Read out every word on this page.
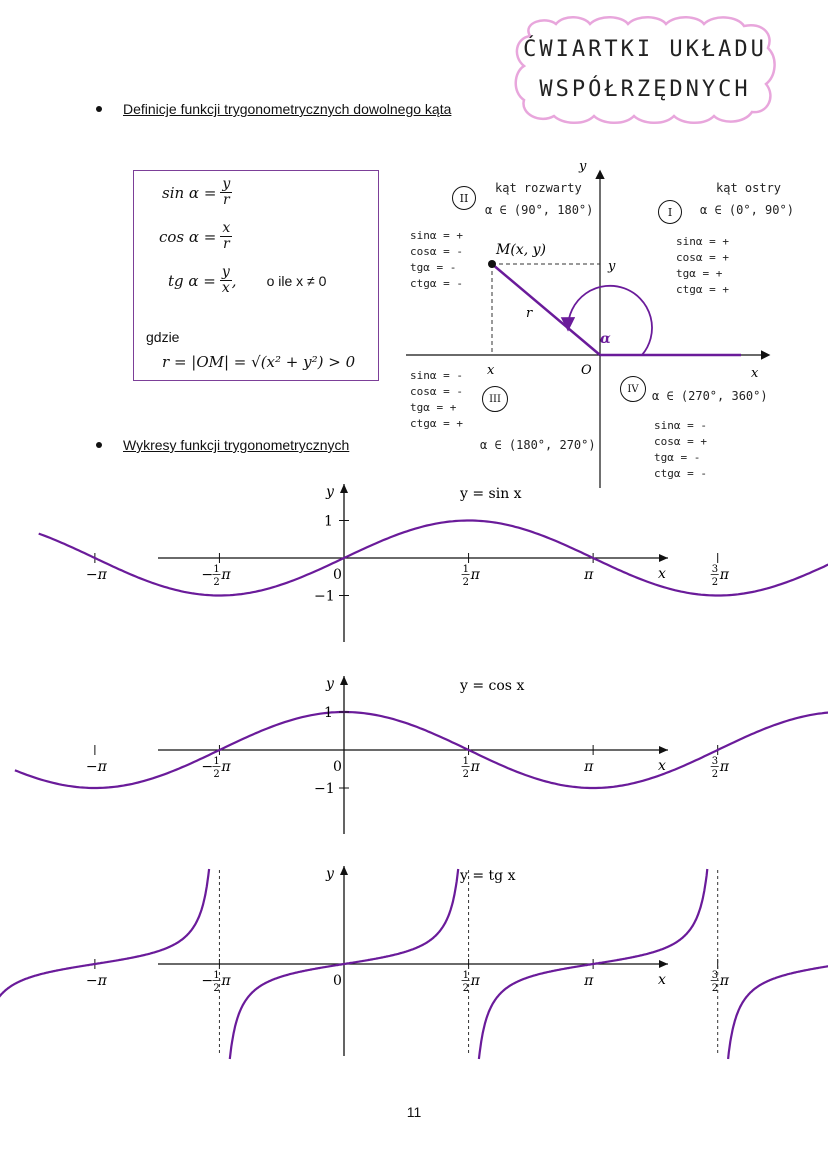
ĆWIARTKI UKŁADU
WSPÓŁRZĘDNYCH
Definicje funkcji trygonometrycznych dowolnego kąta
$\sin \alpha = \frac{y}{r}$
$\cos \alpha = \frac{x}{r}$
tg $\alpha = \frac{y}{x}$ , o ile x ≠ 0
gdzie
r = |OM| = √(x² + y²) > 0
M(x, y)
r
α
y
x	O	x
y
II
kąt rozwarty
α ∈ (90°, 180°)
sinα = +
cosα = -
tgα = -
ctgα = -
I
kąt ostry
α ∈ (0°, 90°)
sinα = +
cosα = +
tgα = +
ctgα = +
sinα = -
cosα = -
tgα = +
ctgα = +
III
α ∈ (180°, 270°)
IV	α ∈ (270°, 360°)
sinα = -
cosα = +
tgα = -
ctgα = -
Wykresy funkcji trygonometrycznych
x
y	y = sin x
−π	− 1
2 π	0	1
2 π	π	3
2 π
1
−1
x
y	y = cos x
−π	− 1
2 π	0	1
2 π	π	3
2 π
1
−1
x
y	y = tg x
−π	− 1
2 π	0	1
2 π	π	3
2 π
11
